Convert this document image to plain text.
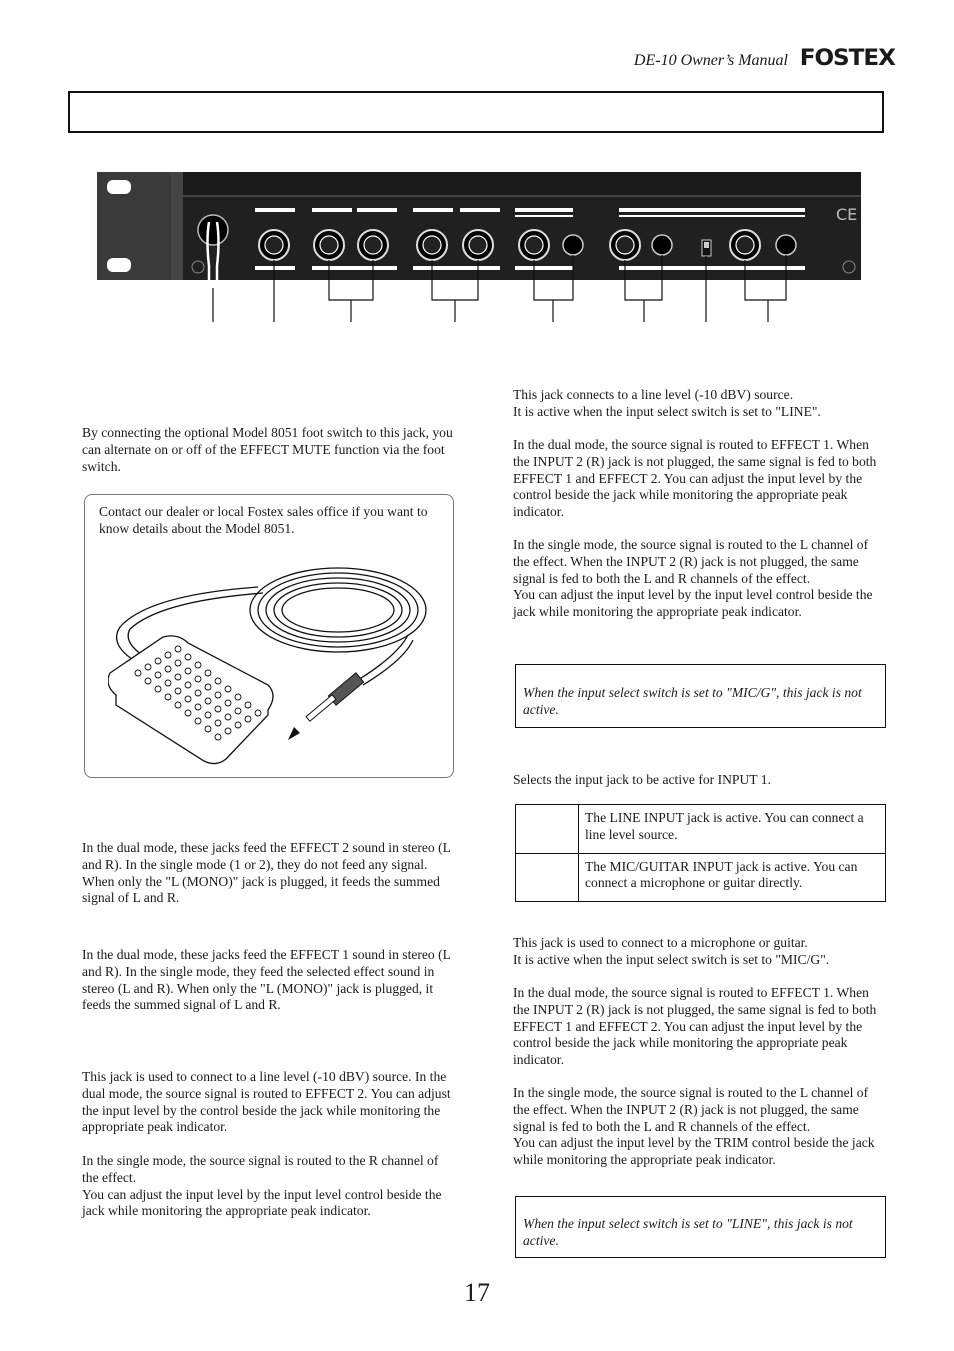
DE-10 Owner’s Manual FOSTEX
CE

By connecting the optional Model 8051 foot switch to this jack, you can alternate on or off of the EFFECT MUTE function via the foot switch.

Contact our dealer or local Fostex sales office if you want to know details about the Model 8051.

In the dual mode, these jacks feed the EFFECT 2 sound in stereo (L and R). In the single mode (1 or 2), they do not feed any signal. When only the "L (MONO)" jack is plugged, it feeds the summed signal of L and R.

In the dual mode, these jacks feed the EFFECT 1 sound in stereo (L and R). In the single mode, they feed the selected effect sound in stereo (L and R). When only the "L (MONO)" jack is plugged, it feeds the summed signal of L and R.

This jack is used to connect to a line level (-10 dBV) source. In the dual mode, the source signal is routed to EFFECT 2. You can adjust the input level by the control beside the jack while monitoring the appropriate peak indicator.

In the single mode, the source signal is routed to the R channel of the effect.
You can adjust the input level by the input level control beside the jack while monitoring the appropriate peak indicator.

This jack connects to a line level (-10 dBV) source.
It is active when the input select switch is set to "LINE".

In the dual mode, the source signal is routed to EFFECT 1. When the INPUT 2 (R) jack is not plugged, the same signal is fed to both EFFECT 1 and EFFECT 2. You can adjust the input level by the control beside the jack while monitoring the appropriate peak indicator.

In the single mode, the source signal is routed to the L channel of the effect. When the INPUT 2 (R) jack is not plugged, the same signal is fed to both the L and R channels of the effect.
You can adjust the input level by the input level control beside the jack while monitoring the appropriate peak indicator.

When the input select switch is set to "MIC/G", this jack is not active.

Selects the input jack to be active for INPUT 1.

	The LINE INPUT jack is active. You can connect a line level source.
	The MIC/GUITAR INPUT jack is active. You can connect a microphone or guitar directly.

This jack is used to connect to a microphone or guitar.
It is active when the input select switch is set to "MIC/G".

In the dual mode, the source signal is routed to EFFECT 1. When the INPUT 2 (R) jack is not plugged, the same signal is fed to both EFFECT 1 and EFFECT 2. You can adjust the input level by the control beside the jack while monitoring the appropriate peak indicator.

In the single mode, the source signal is routed to the L channel of the effect. When the INPUT 2 (R) jack is not plugged, the same signal is fed to both the L and R channels of the effect.
You can adjust the input level by the TRIM control beside the jack while monitoring the appropriate peak indicator.

When the input select switch is set to "LINE", this jack is not active.

17
